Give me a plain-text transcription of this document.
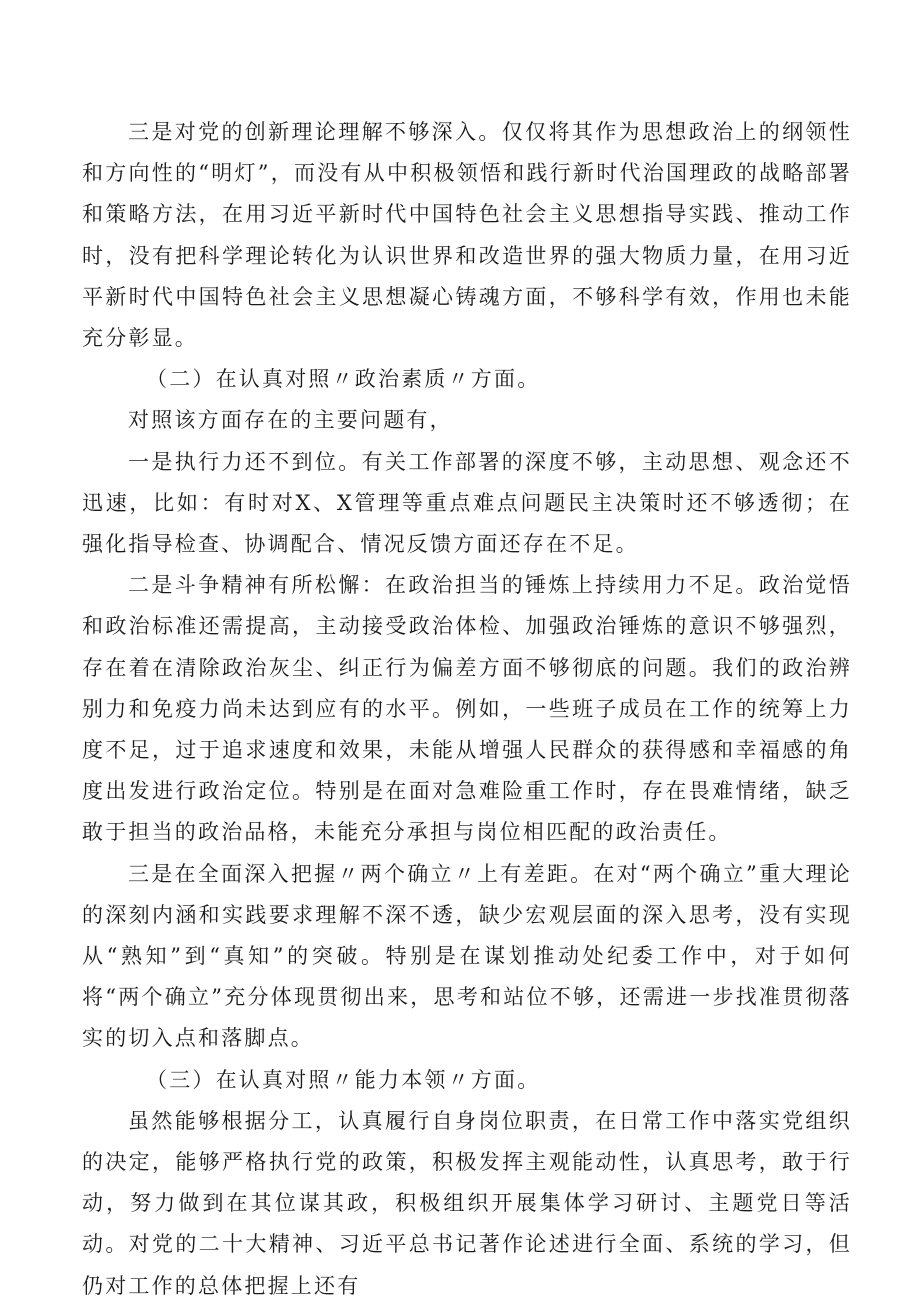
三是对党的创新理论理解不够深入。仅仅将其作为思想政治上的纲领性和方向性的“明灯”，而没有从中积极领悟和践行新时代治国理政的战略部署和策略方法，在用习近平新时代中国特色社会主义思想指导实践、推动工作时，没有把科学理论转化为认识世界和改造世界的强大物质力量，在用习近平新时代中国特色社会主义思想凝心铸魂方面，不够科学有效，作用也未能充分彰显。

（二）在认真对照〃政治素质〃方面。

对照该方面存在的主要问题有，

一是执行力还不到位。有关工作部署的深度不够，主动思想、观念还不迅速，比如：有时对X、X管理等重点难点问题民主决策时还不够透彻；在强化指导检查、协调配合、情况反馈方面还存在不足。

二是斗争精神有所松懈：在政治担当的锤炼上持续用力不足。政治觉悟和政治标准还需提高，主动接受政治体检、加强政治锤炼的意识不够强烈，存在着在清除政治灰尘、纠正行为偏差方面不够彻底的问题。我们的政治辨别力和免疫力尚未达到应有的水平。例如，一些班子成员在工作的统筹上力度不足，过于追求速度和效果，未能从增强人民群众的获得感和幸福感的角度出发进行政治定位。特别是在面对急难险重工作时，存在畏难情绪，缺乏敢于担当的政治品格，未能充分承担与岗位相匹配的政治责任。

三是在全面深入把握〃两个确立〃上有差距。在对“两个确立”重大理论的深刻内涵和实践要求理解不深不透，缺少宏观层面的深入思考，没有实现从“熟知”到“真知”的突破。特别是在谋划推动处纪委工作中，对于如何将“两个确立”充分体现贯彻出来，思考和站位不够，还需进一步找准贯彻落实的切入点和落脚点。

（三）在认真对照〃能力本领〃方面。

虽然能够根据分工，认真履行自身岗位职责，在日常工作中落实党组织的决定，能够严格执行党的政策，积极发挥主观能动性，认真思考，敢于行动，努力做到在其位谋其政，积极组织开展集体学习研讨、主题党日等活动。对党的二十大精神、习近平总书记著作论述进行全面、系统的学习，但仍对工作的总体把握上还有
